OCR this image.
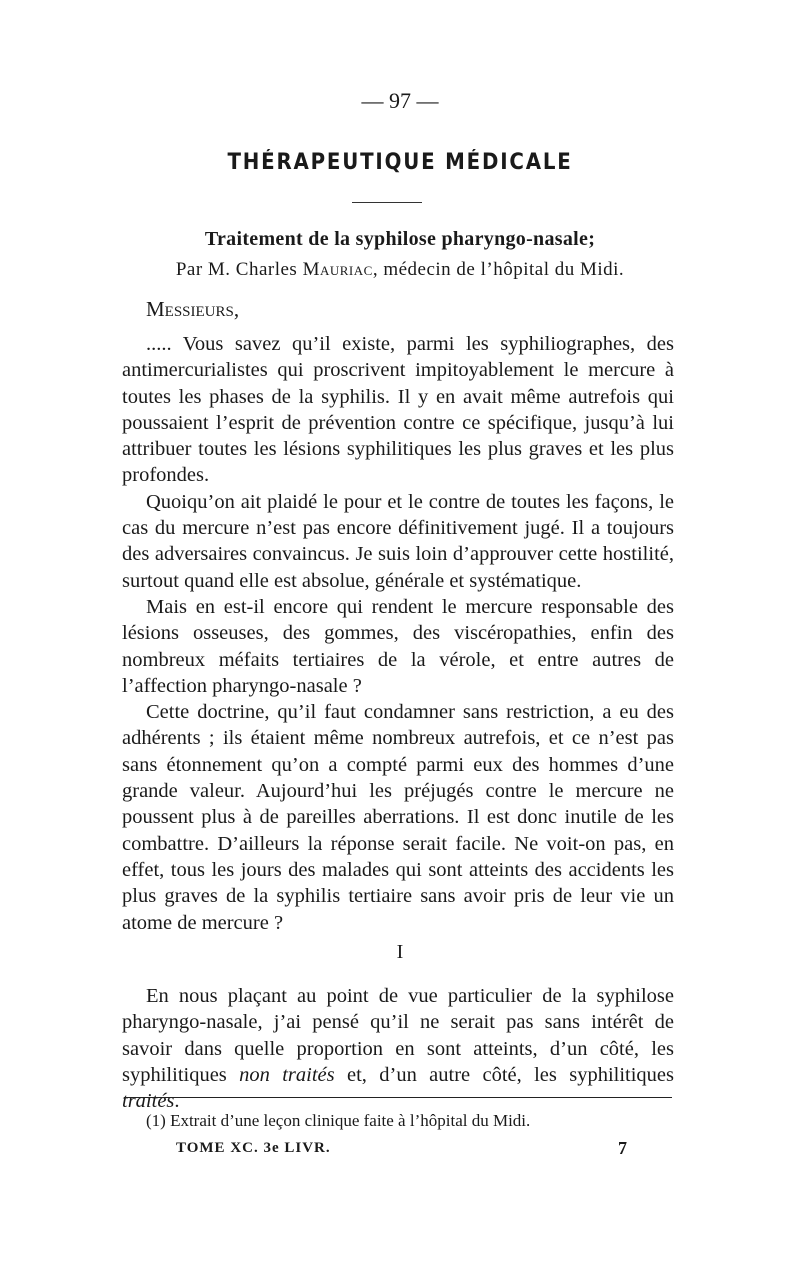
— 97 —
THÉRAPEUTIQUE MÉDICALE
Traitement de la syphilose pharyngo-nasale;
Par M. Charles Mauriac, médecin de l’hôpital du Midi.
Messieurs,

..... Vous savez qu’il existe, parmi les syphiliographes, des antimercurialistes qui proscrivent impitoyablement le mercure à toutes les phases de la syphilis. Il y en avait même autrefois qui poussaient l’esprit de prévention contre ce spécifique, jusqu’à lui attribuer toutes les lésions syphilitiques les plus graves et les plus profondes.

Quoiqu’on ait plaidé le pour et le contre de toutes les façons, le cas du mercure n’est pas encore définitivement jugé. Il a toujours des adversaires convaincus. Je suis loin d’approuver cette hostilité, surtout quand elle est absolue, générale et systématique.

Mais en est-il encore qui rendent le mercure responsable des lésions osseuses, des gommes, des viscéropathies, enfin des nombreux méfaits tertiaires de la vérole, et entre autres de l’affection pharyngo-nasale ?

Cette doctrine, qu’il faut condamner sans restriction, a eu des adhérents ; ils étaient même nombreux autrefois, et ce n’est pas sans étonnement qu’on a compté parmi eux des hommes d’une grande valeur. Aujourd’hui les préjugés contre le mercure ne poussent plus à de pareilles aberrations. Il est donc inutile de les combattre. D’ailleurs la réponse serait facile. Ne voit-on pas, en effet, tous les jours des malades qui sont atteints des accidents les plus graves de la syphilis tertiaire sans avoir pris de leur vie un atome de mercure ?

I

En nous plaçant au point de vue particulier de la syphilose pharyngo-nasale, j’ai pensé qu’il ne serait pas sans intérêt de savoir dans quelle proportion en sont atteints, d’un côté, les syphilitiques non traités et, d’un autre côté, les syphilitiques traités.

(1) Extrait d’une leçon clinique faite à l’hôpital du Midi.
TOME XC. 3e LIVR.	7
